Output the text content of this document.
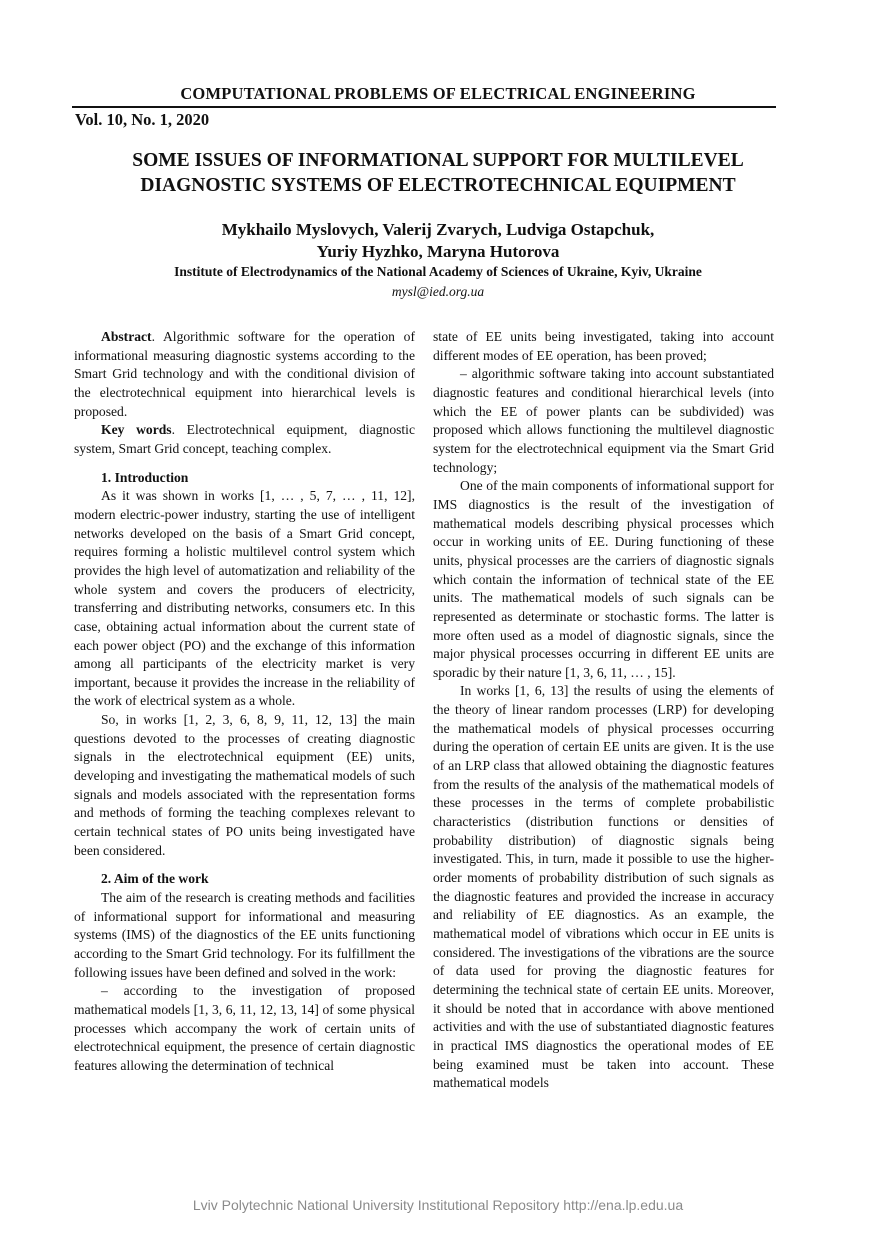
COMPUTATIONAL PROBLEMS OF ELECTRICAL ENGINEERING
Vol. 10, No. 1, 2020
SOME ISSUES OF INFORMATIONAL SUPPORT FOR MULTILEVEL
DIAGNOSTIC SYSTEMS OF ELECTROTECHNICAL EQUIPMENT
Mykhailo Myslovych, Valerij Zvarych, Ludviga Ostapchuk,
Yuriy Hyzhko, Maryna Hutorova
Institute of Electrodynamics of the National Academy of Sciences of Ukraine, Kyiv, Ukraine
mysl@ied.org.ua

Abstract. Algorithmic software for the operation of informational measuring diagnostic systems according to the Smart Grid technology and with the conditional division of the electrotechnical equipment into hierarchical levels is proposed.

Key words. Electrotechnical equipment, diagnostic system, Smart Grid concept, teaching complex.

1. Introduction

As it was shown in works [1, … , 5, 7, … , 11, 12], modern electric-power industry, starting the use of intelligent networks developed on the basis of a Smart Grid concept, requires forming a holistic multilevel control system which provides the high level of automatization and reliability of the whole system and covers the producers of electricity, transferring and distributing networks, consumers etc. In this case, obtaining actual information about the current state of each power object (PO) and the exchange of this information among all participants of the electricity market is very important, because it provides the increase in the reliability of the work of electrical system as a whole.

So, in works [1, 2, 3, 6, 8, 9, 11, 12, 13] the main questions devoted to the processes of creating diagnostic signals in the electrotechnical equipment (EE) units, developing and investigating the mathematical models of such signals and models associated with the representation forms and methods of forming the teaching complexes relevant to certain technical states of PO units being investigated have been considered.

2. Aim of the work

The aim of the research is creating methods and facilities of informational support for informational and measuring systems (IMS) of the diagnostics of the EE units functioning according to the Smart Grid technology. For its fulfillment the following issues have been defined and solved in the work:

– according to the investigation of proposed mathematical models [1, 3, 6, 11, 12, 13, 14] of some physical processes which accompany the work of certain units of electrotechnical equipment, the presence of certain diagnostic features allowing the determination of technical

state of EE units being investigated, taking into account different modes of EE operation, has been proved;

– algorithmic software taking into account substantiated diagnostic features and conditional hierarchical levels (into which the EE of power plants can be subdivided) was proposed which allows functioning the multilevel diagnostic system for the electrotechnical equipment via the Smart Grid technology;

One of the main components of informational support for IMS diagnostics is the result of the investigation of mathematical models describing physical processes which occur in working units of EE. During functioning of these units, physical processes are the carriers of diagnostic signals which contain the information of technical state of the EE units. The mathematical models of such signals can be represented as determinate or stochastic forms. The latter is more often used as a model of diagnostic signals, since the major physical processes occurring in different EE units are sporadic by their nature [1, 3, 6, 11, … , 15].

In works [1, 6, 13] the results of using the elements of the theory of linear random processes (LRP) for developing the mathematical models of physical processes occurring during the operation of certain EE units are given. It is the use of an LRP class that allowed obtaining the diagnostic features from the results of the analysis of the mathematical models of these processes in the terms of complete probabilistic characteristics (distribution functions or densities of probability distribution) of diagnostic signals being investigated. This, in turn, made it possible to use the higher-order moments of probability distribution of such signals as the diagnostic features and provided the increase in accuracy and reliability of EE diagnostics. As an example, the mathematical model of vibrations which occur in EE units is considered. The investigations of the vibrations are the source of data used for proving the diagnostic features for determining the technical state of certain EE units. Moreover, it should be noted that in accordance with above mentioned activities and with the use of substantiated diagnostic features in practical IMS diagnostics the operational modes of EE being examined must be taken into account. These mathematical models

Lviv Polytechnic National University Institutional Repository http://ena.lp.edu.ua
